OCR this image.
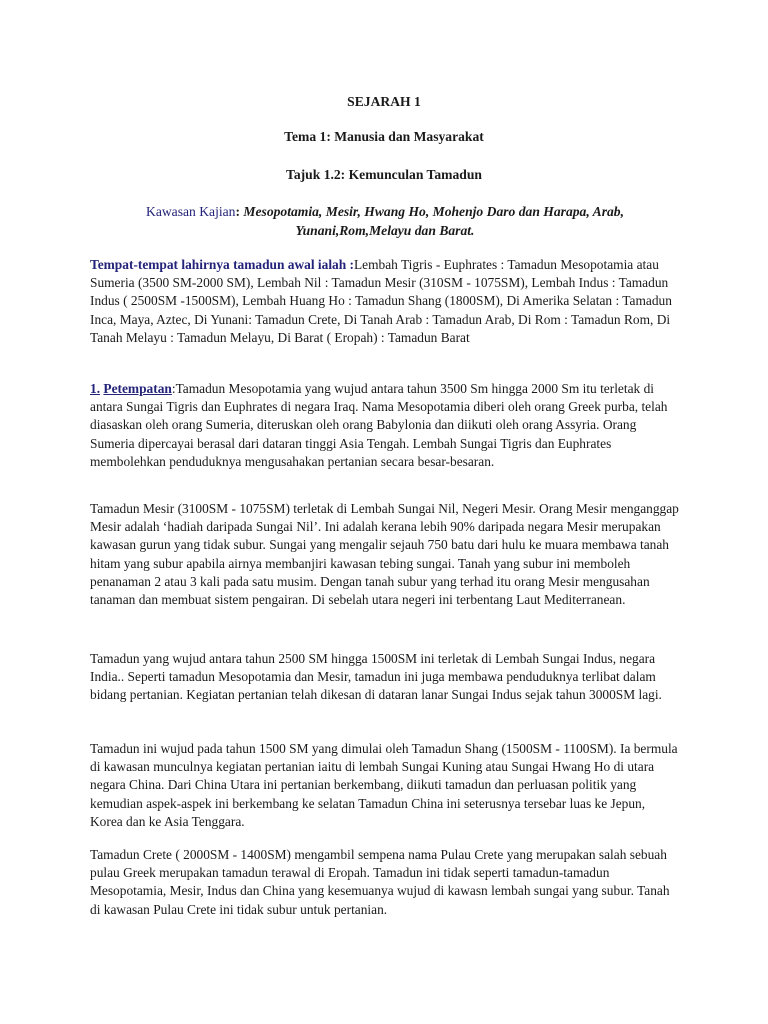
SEJARAH 1
Tema 1: Manusia dan Masyarakat
Tajuk 1.2: Kemunculan Tamadun
Kawasan Kajian: Mesopotamia, Mesir, Hwang Ho, Mohenjo Daro dan Harapa, Arab, Yunani,Rom,Melayu dan Barat.
Tempat-tempat lahirnya tamadun awal ialah :Lembah Tigris - Euphrates : Tamadun Mesopotamia atau Sumeria (3500 SM-2000 SM), Lembah Nil : Tamadun Mesir (310SM - 1075SM), Lembah Indus : Tamadun Indus ( 2500SM -1500SM), Lembah Huang Ho : Tamadun Shang (1800SM), Di Amerika Selatan : Tamadun Inca, Maya, Aztec, Di Yunani: Tamadun Crete, Di Tanah Arab : Tamadun Arab, Di Rom : Tamadun Rom, Di Tanah Melayu : Tamadun Melayu, Di Barat ( Eropah) : Tamadun Barat
1. Petempatan:Tamadun Mesopotamia yang wujud antara tahun 3500 Sm hingga 2000 Sm itu terletak di antara Sungai Tigris dan Euphrates di negara Iraq. Nama Mesopotamia diberi oleh orang Greek purba, telah diasaskan oleh orang Sumeria, diteruskan oleh orang Babylonia dan diikuti oleh orang Assyria. Orang Sumeria dipercayai berasal dari dataran tinggi Asia Tengah. Lembah Sungai Tigris dan Euphrates membolehkan penduduknya mengusahakan pertanian secara besar-besaran.
Tamadun Mesir (3100SM - 1075SM) terletak di Lembah Sungai Nil, Negeri Mesir. Orang Mesir menganggap Mesir adalah ‘hadiah daripada Sungai Nil’. Ini adalah kerana lebih 90% daripada negara Mesir merupakan kawasan gurun yang tidak subur. Sungai yang mengalir sejauh 750 batu dari hulu ke muara membawa tanah hitam yang subur apabila airnya membanjiri kawasan tebing sungai. Tanah yang subur ini memboleh penanaman 2 atau 3 kali pada satu musim. Dengan tanah subur yang terhad itu orang Mesir mengusahan tanaman dan membuat sistem pengairan. Di sebelah utara negeri ini terbentang Laut Mediterranean.
Tamadun yang wujud antara tahun 2500 SM hingga 1500SM ini terletak di Lembah Sungai Indus, negara India.. Seperti tamadun Mesopotamia dan Mesir, tamadun ini juga membawa penduduknya terlibat dalam bidang pertanian. Kegiatan pertanian telah dikesan di dataran lanar Sungai Indus sejak tahun 3000SM lagi.
Tamadun ini wujud pada tahun 1500 SM yang dimulai oleh Tamadun Shang (1500SM - 1100SM). Ia bermula di kawasan munculnya kegiatan pertanian iaitu di lembah Sungai Kuning atau Sungai Hwang Ho di utara negara China. Dari China Utara ini pertanian berkembang, diikuti tamadun dan perluasan politik yang kemudian aspek-aspek ini berkembang ke selatan Tamadun China ini seterusnya tersebar luas ke Jepun, Korea dan ke Asia Tenggara.
Tamadun Crete ( 2000SM - 1400SM) mengambil sempena nama Pulau Crete yang merupakan salah sebuah pulau Greek merupakan tamadun terawal di Eropah. Tamadun ini tidak seperti tamadun-tamadun Mesopotamia, Mesir, Indus dan China yang kesemuanya wujud di kawasn lembah sungai yang subur. Tanah di kawasan Pulau Crete ini tidak subur untuk pertanian.
